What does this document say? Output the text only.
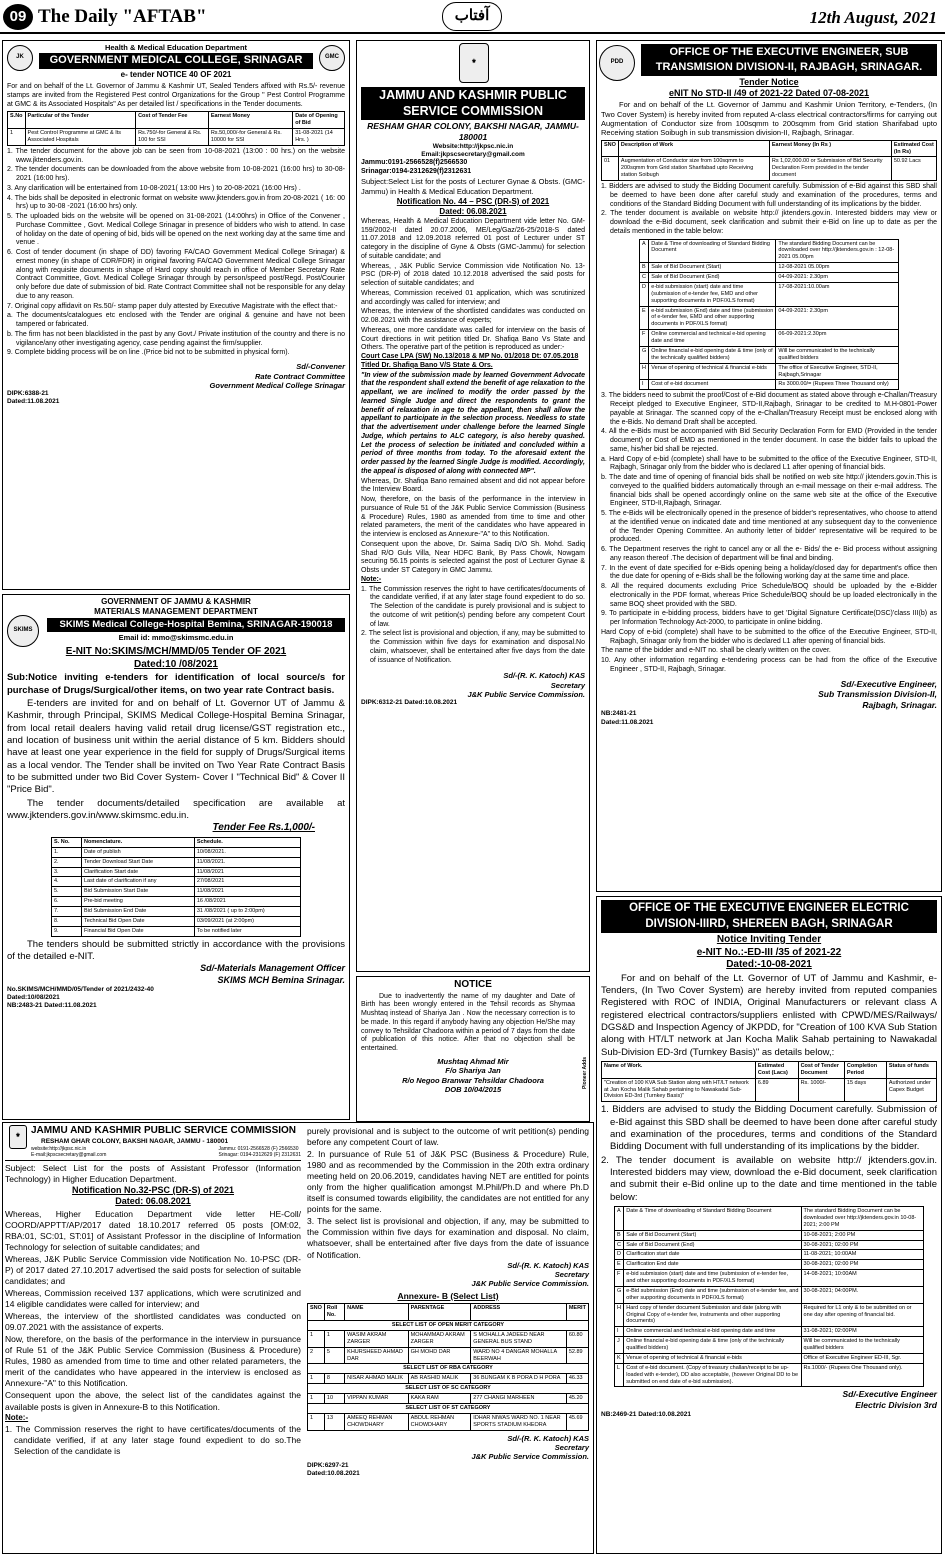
09 The Daily "AFTAB"	آفتاب	12th August, 2021
JK	GMC
Health & Medical Education Department
GOVERNMENT MEDICAL COLLEGE, SRINAGAR
e- tender NOTICE 40 OF 2021
For and on behalf of the Lt. Governor of Jammu & Kashmir UT, Sealed Tenders affixed with Rs.5/- revenue stamps are invited from the Registered Pest control Organizations for the Group " Pest Control Programme at GMC & its Associated Hospitals" As per detailed list / specifications in the Tender documents.
S.No	Particular of the Tender	Cost of Tender Fee	Earnest Money	Date of Opening of Bid
1	Pest Control Programme at GMC & Its Associated Hospitals	Rs.750/-for General & Rs. 100 for SSI	Rs.50,000/-for General & Rs. 10000 for SSI	31-08-2021 (14 Hrs. )
1. The tender document for the above job can be seen from 10-08-2021 (13:00 : 00 hrs.) on the website www.jktenders.gov.in.
2. The tender documents can be downloaded from the above website from 10-08-2021 (16:00 hrs) to 30-08-2021 (16:00 hrs).
3. Any clarification will be entertained from 10-08-2021( 13:00 Hrs ) to 20-08-2021 (16:00 Hrs) .
4. The bids shall be deposited in electronic format on website www.jktenders.gov.in from 20-08-2021 ( 16: 00 hrs) up to 30-08 -2021 (16:00 hrs) only.
5. The uploaded bids on the website will be opened on 31-08-2021 (14:00hrs) in Office of the Convener , Purchase Committee , Govt. Medical College Srinagar in presence of bidders who wish to attend. In case of holiday on the date of opening of bid, bids will be opened on the next working day at the same time and venue .
6. Cost of tender document (in shape of DD) favoring FA/CAO Government Medical College Srinagar) & ernest money (in shape of CDR/FDR) in original favoring FA/CAO Government Medical College Srinagar along with requisite documents in shape of Hard copy should reach in office of Member Secretary Rate Contract Committee, Govt. Medical College Srinagar through by person/speed post/Regd. Post/Courier only before due date of submission of bid. Rate Contract Committee shall not be responsible for any delay due to any reason.
7. Original copy affidavit on Rs.50/- stamp paper duly attested by Executive Magistrate with the effect that:-
a. The documents/catalogues etc enclosed with the Tender are original & genuine and have not been tampered or fabricated.
b. The firm has not been blacklisted in the past by any Govt./ Private institution of the country and there is no vigilance/any other investigating agency, case pending against the firm/supplier.
9. Complete bidding process will be on line .(Price bid not to be submitted in physical form).
Sd/-Convener
Rate Contract Committee
Government Medical College Srinagar
DIPK:6388-21
Dated:11.08.2021
SKIMS
GOVERNMENT OF JAMMU & KASHMIR
MATERIALS MANAGEMENT DEPARTMENT
SKIMS Medical College-Hospital Bemina, SRINAGAR-190018
Email id: mmo@skimsmc.edu.in
E-NIT No:SKIMS/MCH/MMD/05 Tender OF 2021
Dated:10 /08/2021
Sub:Notice inviting e-tenders for identification of local source/s for purchase of Drugs/Surgical/other items, on two year rate Contract basis.
E-tenders are invited for and on behalf of Lt. Governor UT of Jammu & Kashmir, through Principal, SKIMS Medical College-Hospital Bemina Srinagar, from local retail dealers having valid retail drug license/GST registration etc., and location of business unit within the aerial distance of 5 km. Bidders should have at least one year experience in the field for supply of Drugs/Surgical items as a local vendor. The Tender shall be invited on Two Year Rate Contract Basis to be submitted under two Bid Cover System- Cover I "Technical Bid" & Cover II "Price Bid".
The tender documents/detailed specification are available at www.jktenders.gov.in/www.skimsmc.edu.in.
Tender Fee Rs.1,000/-
S. No.	Nomenclature.	Schedule.
1.	Date of publish	10/08/2021.
2.	Tender Download Start Date	11/08/2021.
3.	Clarification Start date	11/08/2021
4.	Last date of clarification if any	27/08/2021
5.	Bid Submission Start Date	11/08/2021
6.	Pre-bid meeting	16 /08/2021
7.	Bid Submission End Date	31 /08/2021 ( up to 2:00pm)
8.	Technical Bid Open Date	03/09/2021 (at 2:00pm)
9.	Financial Bid Open Date	To be notified later
The tenders should be submitted strictly in accordance with the provisions of the detailed e-NIT.
Sd/-Materials Management Officer
SKIMS MCH Bemina Srinagar.
No.SKIMS/MCH/MMD/05/Tender of 2021/2432-40
Dated:10/08/2021
NB:2483-21 Dated:11.08.2021
⚜
JAMMU AND KASHMIR PUBLIC SERVICE COMMISSION
RESHAM GHAR COLONY, BAKSHI NAGAR, JAMMU-180001
Website:http://jkpsc.nic.in
Email:jkpscsecretary@gmail.com
Jammu:0191-2566528(f)2566530
Srinagar:0194-2312629(f)2312631
Subject:Select List for the posts of Lecturer Gynae & Obsts. (GMC-Jammu) in Health & Medical Education Department.
Notification No. 44 – PSC (DR-S) of 2021
Dated: 06.08.2021
Whereas, Health & Medical Education Department vide letter No. GM-159/2002-II dated 20.07.2006, ME/Leg/Gaz/26-25/2018-S dated 11.07.2018 and 12.09.2018 referred 01 post of Lecturer under ST category in the discipline of Gyne & Obsts (GMC-Jammu) for selection of suitable candidate; and
Whereas, , J&K Public Service Commission vide Notification No. 13-PSC (DR-P) of 2018 dated 10.12.2018 advertised the said posts for selection of suitable candidates; and
Whereas, Commission received 01 application, which was scrutinized and accordingly was called for interview; and
Whereas, the interview of the shortlisted candidates was conducted on 02.08.2021 with the assistance of experts;
Whereas, one more candidate was called for interview on the basis of Court directions in writ petition titled Dr. Shafiqa Bano Vs State and Others. The operative part of the petition is reproduced as under:-
Court Case LPA (SW) No.13/2018 & MP No. 01/2018 Dt: 07.05.2018 Titled Dr. Shafiqa Bano V/S State & Ors.
"In view of the submission made by learned Government Advocate that the respondent shall extend the benefit of age relaxation to the appellant, we are inclined to modify the order passed by the learned Single Judge and direct the respondents to grant the benefit of relaxation in age to the appellant, then shall allow the appellant to participate in the selection process. Needless to state that the advertisement under challenge before the learned Single Judge, which pertains to ALC category, is also hereby quashed. Let the process of selection be initiated and concluded within a period of three months from today. To the aforesaid extent the order passed by the learned Single Judge is modified. Accordingly, the appeal is disposed of along with connected MP".
Whereas, Dr. Shafiqa Bano remained absent and did not appear before the Interview Board.
Now, therefore, on the basis of the performance in the interview in pursuance of Rule 51 of the J&K Public Service Commission (Business & Procedure) Rules, 1980 as amended from time to time and other related parameters, the merit of the candidates who have appeared in the interview is enclosed as Annexure-"A" to this Notification.
Consequent upon the above, Dr. Saima Sadiq D/O Sh. Mohd. Sadiq Shad R/O Guls Villa, Near HDFC Bank, By Pass Chowk, Nowgam securing 56.15 points is selected against the post of Lecturer Gynae & Obsts under ST Category in GMC Jammu.
Note:-
1. The Commission reserves the right to have certificates/documents of the candidate verified, if at any later stage found expedient to do so. The Selection of the candidate is purely provisional and is subject to the outcome of writ petition(s) pending before any competent Court of law.
2. The select list is provisional and objection, if any, may be submitted to the Commission within five days for examination and disposal.No claim, whatsoever, shall be entertained after five days from the date of issuance of Notification.
Sd/-(R. K. Katoch) KAS
Secretary
J&K Public Service Commission.
DIPK:6312-21 Dated:10.08.2021
NOTICE
Due to inadvertently the name of my daughter and Date of Birth has been wrongly entered in the Tehsil records as Shymaa Mushtaq instead of Shariya Jan . Now the necessary correction is to be made. In this regard if anybody having any objection He/She may convey to Tehsildar Chadoora within a period of 7 days from the date of publication of this notice. After that no objection shall be entertained.
Mushtaq Ahmad Mir
F/o Shariya Jan
R/o Negoo Branwar Tehsildar Chadoora
DOB 10/04/2015
Pioneer Adds
⚜
JAMMU AND KASHMIR PUBLIC SERVICE COMMISSION
RESHAM GHAR COLONY, BAKSHI NAGAR, JAMMU - 180001
website:http://jkpsc.nic.in
E-mail:jkpscsecretary@gmail.com
Jammu: 0191-2566528 (F) 2566530
Srinagar: 0194-2312629 (F) 2312631
Subject: Select List for the posts of Assistant Professor (Information Technology) in Higher Education Department.
Notification No.32-PSC (DR-S) of 2021
Dated: 06.08.2021
Whereas, Higher Education Department vide letter HE-Coll/ COORD/APPTT/AP/2017 dated 18.10.2017 referred 05 posts [OM:02, RBA:01, SC:01, ST:01] of Assistant Professor in the discipline of Information Technology for selection of suitable candidates; and
Whereas, J&K Public Service Commission vide Notification No. 10-PSC (DR-P) of 2017 dated 27.10.2017 advertised the said posts for selection of suitable candidates; and
Whereas, Commission received 137 applications, which were scrutinized and 14 eligible candidates were called for interview; and
Whereas, the interview of the shortlisted candidates was conducted on 09.07.2021 with the assistance of experts.
Now, therefore, on the basis of the performance in the interview in pursuance of Rule 51 of the J&K Public Service Commission (Business & Procedure) Rules, 1980 as amended from time to time and other related parameters, the merit of the candidates who have appeared in the interview is enclosed as Annexure-"A" to this Notification.
Consequent upon the above, the select list of the candidates against the available posts is given in Annexure-B to this Notification.
Note:-
1. The Commission reserves the right to have certificates/documents of the candidate verified, if at any later stage found expedient to do so.The Selection of the candidate is
purely provisional and is subject to the outcome of writ petition(s) pending before any competent Court of law.
2. In pursuance of Rule 51 of J&K PSC (Business & Procedure) Rule, 1980 and as recommended by the Commission in the 20th extra ordinary meeting held on 20.06.2019, candidates having NET are entitled for points only from the higher qualification amongst M.Phil/Ph.D and where Ph.D itself is consumed towards eligibility, the candidates are not entitled for any points for the same.
3. The select list is provisional and objection, if any, may be submitted to the Commission within five days for examination and disposal. No claim, whatsoever, shall be entertained after five days from the date of issuance of Notification.
Sd/-(R. K. Katoch) KAS
Secretary
J&K Public Service Commission.
Annexure- B (Select List)
SNO	Roll No.	NAME	PARENTAGE	ADDRESS	MERIT
SELECT LIST OF OPEN MERIT CATEGORY					
1	1	WASIM AKRAM ZARGER	MOHAMMAD AKRAM ZARGER	S MOHALLA JADEED NEAR GENERAL BUS STAND	60.80
2	5	KHURSHEED AHMAD DAR	GH MOHD DAR	WARD NO 4 DANGAR MOHALLA BEERWAH	52.89
SELECT LIST OF RBA CATEGORY					
1	8	NISAR AHMAD MALIK	AB RASHID MALIK	36 BUNGAM K B PORA D H PORA	46.33
SELECT LIST OF SC CATEGORY					
1	10	VIPPAN KUMAR	KAKA RAM	277 CHANGI MARHEEN	45.20
SELECT LIST OF ST CATEGORY					
1	13	AMEEQ REHMAN CHOWDHARY	ABDUL REHMAN CHOWDHARY	IDHAR NIWAS WARD NO. 1 NEAR SPORTS STADIUM KHEORA	45.69
Sd/-(R. K. Katoch) KAS
Secretary
J&K Public Service Commission.
DIPK:6297-21
Dated:10.08.2021
PDD
OFFICE OF THE EXECUTIVE ENGINEER, SUB TRANSMISION DIVISION-II, RAJBAGH, SRINAGAR.
Tender Notice
eNIT No STD-II /49 of 2021-22 Dated 07-08-2021
For and on behalf of the Lt. Governor of Jammu and Kashmir Union Territory, e-Tenders, (In Two Cover System) is hereby invited from reputed A-class electrical contractors/firms for carrying out Augmentation of Conductor size from 100sqmm to 200sqmm from Grid station Sharifabad upto Receiving station Soibugh in sub transmission division-II, Rajbagh, Srinagar.
SNO	Description of Work	Earnest Money (In Rs )	Estimated Cost (In Rs)
01	Augmentation of Conductor size from 100sqmm to 200sqmm from Grid station Sharifabad upto Receiving station Soibugh	Rs 1,02,000.00 or Submission of Bid Security Declaration Form provided in the tender document	50.92 Lacs
1. Bidders are advised to study the Bidding Document carefully. Submission of e-Bid against this SBD shall be deemed to have been done after careful study and examination of the procedures, terms and conditions of the Standard Bidding Document with full understanding of its implications by the bidder.
2. The tender document is available on website http:// jktenders.gov.in. Interested bidders may view or download the e-Bid document, seek clarification and submit their e-Bid on line up to date as per the details mentioned in the table below:
A	Date & Time of downloading of Standard Bidding Document	The standard Bidding Document can be downloaded over http://jktenders.gov.in : 12-08-2021 05.00pm
B	Sale of Bid Document (Start)	12-08-2021 05.00pm
C	Sale of Bid Document (End)	04-09-2021: 2.30pm
D	e-bid submission (start) date and time (submission of e-tender fee, EMD and other supporting documents in PDF/XLS format)	17-08-2021:10.00am
E	e-bid submission (End) date and time (submission of e-tender fee, EMD and other supporting documents in PDF/XLS format)	04-09-2021: 2.30pm
F	Online commercial and technical e-bid opening date and time	06-09-2021:2.30pm
G	Online financial e-bid opening date & time (only of the technically qualified bidders)	Will be communicated to the technically qualified bidders
H	Venue of opening of technical & financial e-bids	The office of Executive Engineer, STD-II, Rajbagh,Srinagar
I	Cost of e-bid document	Rs 3000.00/= (Rupees Three Thousand only)
3. The bidders need to submit the proof/Cost of e-Bid document as stated above through e-Challan/Treasury Receipt pledged to Executive Engineer, STD-II,Rajbagh, Srinagar to be credited to M.H-0801-Power payable at Srinagar. The scanned copy of the e-Challan/Treasury Receipt must be enclosed along with the e-Bids. No demand Draft shall be accepted.
4. All the e-Bids must be accompanied with Bid Security Declaration Form for EMD (Provided in the tender document) or Cost of EMD as mentioned in the tender document. In case the bidder fails to upload the same, his/her bid shall be rejected.
a. Hard Copy of e-bid (complete) shall have to be submitted to the office of the Executive Engineer, STD-II, Rajbagh, Srinagar only from the bidder who is declared L1 after opening of financial bids.
b. The date and time of opening of financial bids shall be notified on web site http:// jktenders.gov.in.This is conveyed to the qualified bidders automatically through an e-mail message on their e-mail address. The financial bids shall be opened accordingly online on the same web site at the office of the Executive Engineer, STD-II,Rajbagh, Srinagar.
5. The e-Bids will be electronically opened in the presence of bidder's representatives, who choose to attend at the identified venue on indicated date and time mentioned at any subsequent day to the convenience of the Tender Opening Committee. An authority letter of bidder' representative will be required to be produced.
6. The Department reserves the right to cancel any or all the e- Bids/ the e- Bid process without assigning any reason thereof .The decision of department will be final and binding.
7. In the event of date specified for e-Bids opening being a holiday/closed day for department's office then the due date for opening of e-Bids shall be the following working day at the same time and place.
8. All the required documents excluding Price Schedule/BOQ should be uploaded by the e-Bidder electronically in the PDF format, whereas Price Schedule/BOQ should be up loaded electronically in the same BOQ sheet provided with the SBD.
9. To participate in e-bidding process, bidders have to get 'Digital Signature Certificate(DSC)'class III(b) as per Information Technology Act-2000, to participate in online bidding.
Hard Copy of e-bid (complete) shall have to be submitted to the office of the Executive Engineer, STD-II, Rajbagh, Srinagar only from the bidder who is declared L1 after opening of financial bids.
The name of the bidder and e-NIT no. shall be clearly written on the cover.
10. Any other information regarding e-tendering process can be had from the office of the Executive Engineer , STD-II, Rajbagh, Srinagar.
Sd/-Executive Engineer,
Sub Transmission Division-II,
Rajbagh, Srinagar.
NB:2481-21
Dated:11.08.2021
OFFICE OF THE EXECUTIVE ENGINEER ELECTRIC DIVISION-IIIRD, SHEREEN BAGH, SRINAGAR
Notice Inviting Tender
e-NIT No.:-ED-III /35 of 2021-22
Dated:-10-08-2021
For and on behalf of the Lt. Governor of UT of Jammu and Kashmir, e-Tenders, (In Two Cover System) are hereby invited from reputed companies Registered with ROC of INDIA, Original Manufacturers or relevant class A registered electrical contractors/suppliers enlisted with CPWD/MES/Railways/ DGS&D and Inspection Agency of JKPDD, for "Creation of 100 KVA Sub Station along with HT/LT network at Jan Kocha Malik Sahab pertaining to Nawakadal Sub-Division ED-3rd (Turnkey Basis)" as details below,:
Name of Work.	Estimated Cost (Lacs)	Cost of Tender Document	Completion Period	Status of funds
"Creation of 100 KVA Sub Station along with HT/LT network at Jan Kocha Malik Sahab pertaining to Nawakadal Sub-Division ED-3rd (Turnkey Basis)"	6.89	Rs. 1000/-	15 days	Authorized under Capex Budget
1. Bidders are advised to study the Bidding Document carefully. Submission of e-Bid against this SBD shall be deemed to have been done after careful study and examination of the procedures, terms and conditions of the Standard Bidding Document with full understanding of its implications by the bidder.
2. The tender document is available on website http:// jktenders.gov.in. Interested bidders may view, download the e-Bid document, seek clarification and submit their e-Bid online up to the date and time mentioned in the table below:
A	Date & Time of downloading of Standard Bidding Document	The standard Bidding Document can be downloaded over http://jktenders.gov.in 10-08-2021; 2:00 PM
B	Sale of Bid Document (Start)	10-08-2021; 2:00 PM
C	Sale of Bid Document (End)	30-08-2021; 02:00 PM
D	Clarification start date	11-08-2021; 10:00AM
E	Clarification End date	30-08-2021; 02:00 PM
F	e-bid submission (start) date and time (submission of e-tender fee, and other supporting documents in PDF/XLS format)	14-08-2021; 10:00AM
G	e-Bid submission (End) date and time (submission of e-tender fee, and other supporting documents in PDF/XLS format)	30-08-2021; 04:00PM.
H	Hard copy of tender document Submission and date (along with Original Copy of e-tender fee, instruments and other supporting documents)	Required for L1 only & to be submitted on or one day after opening of financial bid.
I	Online commercial and technical e-bid opening date and time	31-08-2021; 02:00PM
J	Online financial e-bid opening date & time (only of the technically qualified bidders)	Will be communicated to the technically qualified bidders
K	Venue of opening of technical & financial e-bids	Office of Executive Engineer ED-III, Sgr.
L	Cost of e-bid document. (Copy of treasury challan/receipt to be up-loaded with e-tender), DD also acceptable, (however Original DD to be submitted on end date of e-bid submission).	Rs.1000/- (Rupees One Thousand only).
Sd/-Executive Engineer
Electric Division 3rd
NB:2469-21 Dated:10.08.2021
